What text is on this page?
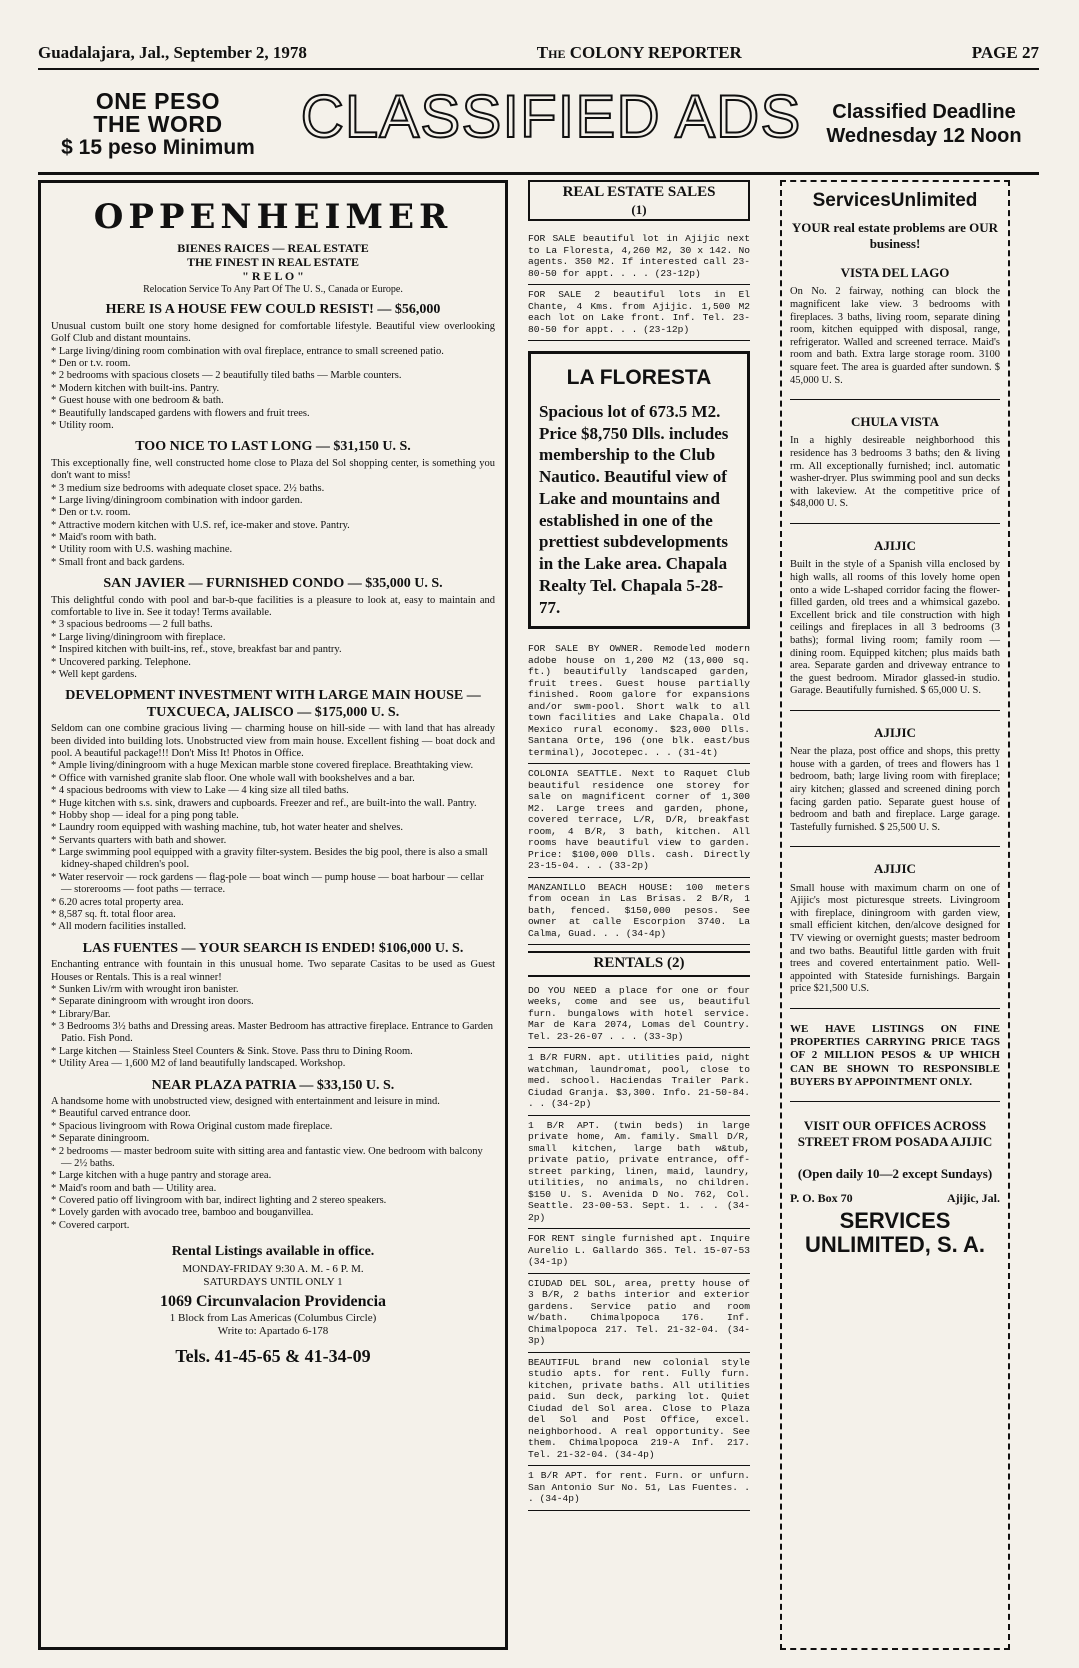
Guadalajara, Jal., September 2, 1978	The COLONY REPORTER	PAGE 27
ONE PESO
THE WORD
$ 15 peso Minimum CLASSIFIED ADS	Classified Deadline
Wednesday 12 Noon
OPPENHEIMER

BIENES RAICES — REAL ESTATE

THE FINEST IN REAL ESTATE

" R E L O "

Relocation Service To Any Part Of The U. S., Canada or Europe.

HERE IS A HOUSE FEW COULD RESIST! — $56,000

Unusual custom built one story home designed for comfortable lifestyle. Beautiful view overlooking Golf Club and distant mountains.

* Large living/dining room combination with oval fireplace, entrance to small screened patio.
* Den or t.v. room.
* 2 bedrooms with spacious closets — 2 beautifully tiled baths — Marble counters.
* Modern kitchen with built-ins. Pantry.
* Guest house with one bedroom & bath.
* Beautifully landscaped gardens with flowers and fruit trees.
* Utility room.
TOO NICE TO LAST LONG — $31,150 U. S.

This exceptionally fine, well constructed home close to Plaza del Sol shopping center, is something you don't want to miss!

* 3 medium size bedrooms with adequate closet space. 2½ baths.
* Large living/diningroom combination with indoor garden.
* Den or t.v. room.
* Attractive modern kitchen with U.S. ref, ice-maker and stove. Pantry.
* Maid's room with bath.
* Utility room with U.S. washing machine.
* Small front and back gardens.
SAN JAVIER — FURNISHED CONDO — $35,000 U. S.

This delightful condo with pool and bar-b-que facilities is a pleasure to look at, easy to maintain and comfortable to live in. See it today! Terms available.

* 3 spacious bedrooms — 2 full baths.
* Large living/diningroom with fireplace.
* Inspired kitchen with built-ins, ref., stove, breakfast bar and pantry.
* Uncovered parking. Telephone.
* Well kept gardens.
DEVELOPMENT INVESTMENT WITH LARGE MAIN HOUSE — TUXCUECA, JALISCO — $175,000 U. S.

Seldom can one combine gracious living — charming house on hill-side — with land that has already been divided into building lots. Unobstructed view from main house. Excellent fishing — boat dock and pool. A beautiful package!!! Don't Miss It! Photos in Office.

* Ample living/diningroom with a huge Mexican marble stone covered fireplace. Breathtaking view.
* Office with varnished granite slab floor. One whole wall with bookshelves and a bar.
* 4 spacious bedrooms with view to Lake — 4 king size all tiled baths.
* Huge kitchen with s.s. sink, drawers and cupboards. Freezer and ref., are built-into the wall. Pantry.
* Hobby shop — ideal for a ping pong table.
* Laundry room equipped with washing machine, tub, hot water heater and shelves.
* Servants quarters with bath and shower.
* Large swimming pool equipped with a gravity filter-system. Besides the big pool, there is also a small kidney-shaped children's pool.
* Water reservoir — rock gardens — flag-pole — boat winch — pump house — boat harbour — cellar — storerooms — foot paths — terrace.
* 6.20 acres total property area.
* 8,587 sq. ft. total floor area.
* All modern facilities installed.
LAS FUENTES — YOUR SEARCH IS ENDED! $106,000 U. S.

Enchanting entrance with fountain in this unusual home. Two separate Casitas to be used as Guest Houses or Rentals. This is a real winner!

* Sunken Liv/rm with wrought iron banister.
* Separate diningroom with wrought iron doors.
* Library/Bar.
* 3 Bedrooms 3½ baths and Dressing areas. Master Bedroom has attractive fireplace. Entrance to Garden Patio. Fish Pond.
* Large kitchen — Stainless Steel Counters & Sink. Stove. Pass thru to Dining Room.
* Utility Area — 1,600 M2 of land beautifully landscaped. Workshop.
NEAR PLAZA PATRIA — $33,150 U. S.

A handsome home with unobstructed view, designed with entertainment and leisure in mind.

* Beautiful carved entrance door.
* Spacious livingroom with Rowa Original custom made fireplace.
* Separate diningroom.
* 2 bedrooms — master bedroom suite with sitting area and fantastic view. One bedroom with balcony — 2½ baths.
* Large kitchen with a huge pantry and storage area.
* Maid's room and bath — Utility area.
* Covered patio off livingroom with bar, indirect lighting and 2 stereo speakers.
* Lovely garden with avocado tree, bamboo and bouganvillea.
* Covered carport.
Rental Listings available in office.

MONDAY-FRIDAY 9:30 A. M. - 6 P. M.

SATURDAYS UNTIL ONLY 1

1069 Circunvalacion Providencia

1 Block from Las Americas (Columbus Circle)

Write to: Apartado 6-178

Tels. 41-45-65 & 41-34-09

REAL ESTATE SALES
(1)
FOR SALE beautiful lot in Ajijic next to La Floresta, 4,260 M2, 30 x 142. No agents. 350 M2. If interested call 23-80-50 for appt. . . . (23-12p)
FOR SALE 2 beautiful lots in El Chante, 4 Kms. from Ajijic. 1,500 M2 each lot on Lake front. Inf. Tel. 23-80-50 for appt. . . (23-12p)
LA FLORESTA
Spacious lot of 673.5 M2. Price $8,750 Dlls. includes membership to the Club Nautico. Beautiful view of Lake and mountains and established in one of the prettiest subdevelopments in the Lake area. Chapala Realty Tel. Chapala 5-28-77.
FOR SALE BY OWNER. Remodeled modern adobe house on 1,200 M2 (13,000 sq. ft.) beautifully landscaped garden, fruit trees. Guest house partially finished. Room galore for expansions and/or swm-pool. Short walk to all town facilities and Lake Chapala. Old Mexico rural economy. $23,000 Dlls. Santana Orte, 196 (one blk. east/bus terminal), Jocotepec. . . (31-4t)
COLONIA SEATTLE. Next to Raquet Club beautiful residence one storey for sale on magnificent corner of 1,300 M2. Large trees and garden, phone, covered terrace, L/R, D/R, breakfast room, 4 B/R, 3 bath, kitchen. All rooms have beautiful view to garden. Price: $100,000 Dlls. cash. Directly 23-15-04. . . (33-2p)
MANZANILLO BEACH HOUSE: 100 meters from ocean in Las Brisas. 2 B/R, 1 bath, fenced. $150,000 pesos. See owner at calle Escorpion 3740. La Calma, Guad. . . (34-4p)
RENTALS (2)
DO YOU NEED a place for one or four weeks, come and see us, beautiful furn. bungalows with hotel service. Mar de Kara 2074, Lomas del Country. Tel. 23-26-07 . . . (33-3p)
1 B/R FURN. apt. utilities paid, night watchman, laundromat, pool, close to med. school. Haciendas Trailer Park. Ciudad Granja. $3,300. Info. 21-50-84. . . (34-2p)
1 B/R APT. (twin beds) in large private home, Am. family. Small D/R, small kitchen, large bath w&tub, private patio, private entrance, off-street parking, linen, maid, laundry, utilities, no animals, no children. $150 U. S. Avenida D No. 762, Col. Seattle. 23-00-53. Sept. 1. . . (34-2p)
FOR RENT single furnished apt. Inquire Aurelio L. Gallardo 365. Tel. 15-07-53 (34-1p)
CIUDAD DEL SOL, area, pretty house of 3 B/R, 2 baths interior and exterior gardens. Service patio and room w/bath. Chimalpopoca 176. Inf. Chimalpopoca 217. Tel. 21-32-04. (34-3p)
BEAUTIFUL brand new colonial style studio apts. for rent. Fully furn. kitchen, private baths. All utilities paid. Sun deck, parking lot. Quiet Ciudad del Sol area. Close to Plaza del Sol and Post Office, excel. neighborhood. A real opportunity. See them. Chimalpopoca 219-A Inf. 217. Tel. 21-32-04. (34-4p)
1 B/R APT. for rent. Furn. or unfurn. San Antonio Sur No. 51, Las Fuentes. . . (34-4p)
ServicesUnlimited
YOUR real estate problems are OUR business!
VISTA DEL LAGO

On No. 2 fairway, nothing can block the magnificent lake view. 3 bedrooms with fireplaces. 3 baths, living room, separate dining room, kitchen equipped with disposal, range, refrigerator. Walled and screened terrace. Maid's room and bath. Extra large storage room. 3100 square feet. The area is guarded after sundown. $ 45,000 U. S.

CHULA VISTA

In a highly desireable neighborhood this residence has 3 bedrooms 3 baths; den & living rm. All exceptionally furnished; incl. automatic washer-dryer. Plus swimming pool and sun decks with lakeview. At the competitive price of $48,000 U. S.

AJIJIC

Built in the style of a Spanish villa enclosed by high walls, all rooms of this lovely home open onto a wide L-shaped corridor facing the flower-filled garden, old trees and a whimsical gazebo. Excellent brick and tile construction with high ceilings and fireplaces in all 3 bedrooms (3 baths); formal living room; family room — dining room. Equipped kitchen; plus maids bath area. Separate garden and driveway entrance to the guest bedroom. Mirador glassed-in studio. Garage. Beautifully furnished. $ 65,000 U. S.

AJIJIC

Near the plaza, post office and shops, this pretty house with a garden, of trees and flowers has 1 bedroom, bath; large living room with fireplace; airy kitchen; glassed and screened dining porch facing garden patio. Separate guest house of bedroom and bath and fireplace. Large garage. Tastefully furnished. $ 25,500 U. S.

AJIJIC

Small house with maximum charm on one of Ajijic's most picturesque streets. Livingroom with fireplace, diningroom with garden view, small efficient kitchen, den/alcove designed for TV viewing or overnight guests; master bedroom and two baths. Beautiful little garden with fruit trees and covered entertainment patio. Well-appointed with Stateside furnishings. Bargain price $21,500 U.S.

WE HAVE LISTINGS ON FINE PROPERTIES CARRYING PRICE TAGS OF 2 MILLION PESOS & UP WHICH CAN BE SHOWN TO RESPONSIBLE BUYERS BY APPOINTMENT ONLY.
VISIT OUR OFFICES ACROSS STREET FROM POSADA AJIJIC
(Open daily 10—2 except Sundays)
P. O. Box 70	Ajijic, Jal.
SERVICES
UNLIMITED, S. A.
